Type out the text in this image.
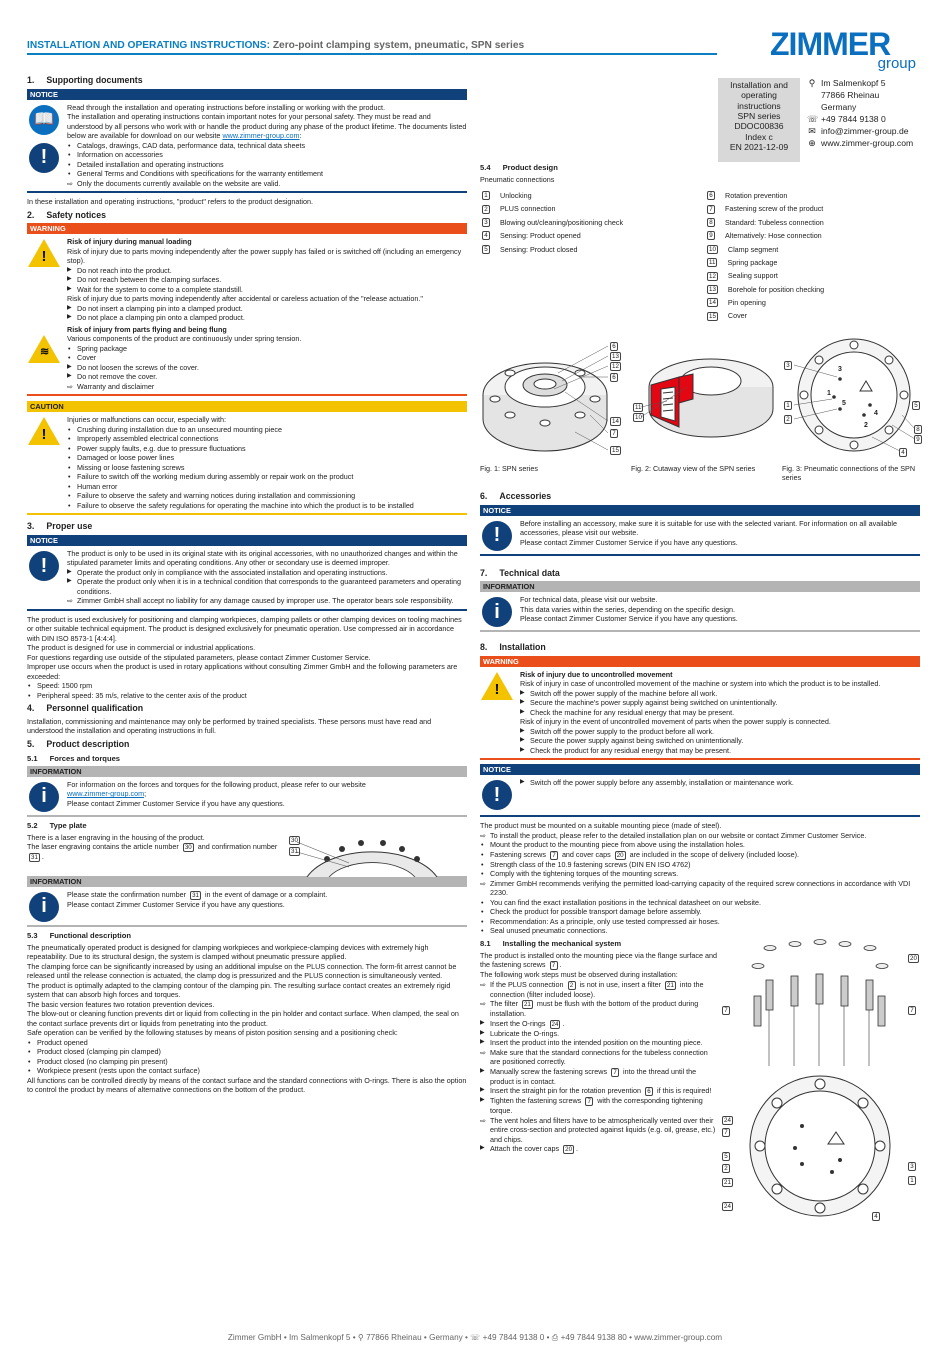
INSTALLATION AND OPERATING INSTRUCTIONS: Zero-point clamping system, pneumatic, SPN series	ZIMMER
group
Installation and
operating
instructions
SPN series
DDOC00836
Index c
EN 2021-12-09
⚲ Im Salmenkopf 5
77866 Rheinau
Germany
☏ +49 7844 9138 0
✉ info@zimmer-group.de
⊕ www.zimmer-group.com
1. Supporting documents
NOTICE
📖
!

Read through the installation and operating instructions before installing or working with the product.

The installation and operating instructions contain important notes for your personal safety. They must be read and understood by all persons who work with or handle the product during any phase of the product lifetime. The documents listed below are available for download on our website www.zimmer-group.com:

• Catalogs, drawings, CAD data, performance data, technical data sheets
• Information on accessories
• Detailed installation and operating instructions
• General Terms and Conditions with specifications for the warranty entitlement
⇨ Only the documents currently available on the website are valid.

In these installation and operating instructions, "product" refers to the product designation.

2. Safety notices
WARNING
!
≋

Risk of injury during manual loading

Risk of injury due to parts moving independently after the power supply has failed or is switched off (including an emergency stop).

▶ Do not reach into the product.
▶ Do not reach between the clamping surfaces.
▶ Wait for the system to come to a complete standstill.

Risk of injury due to parts moving independently after accidental or careless actuation of the "release actuation."

▶ Do not insert a clamping pin into a clamped product.
▶ Do not place a clamping pin onto a clamped product.

Risk of injury from parts flying and being flung

Various components of the product are continuously under spring tension.

• Spring package
• Cover
▶ Do not loosen the screws of the cover.
▶ Do not remove the cover.
⇨ Warranty and disclaimer
CAUTION
!

Injuries or malfunctions can occur, especially with:

• Crushing during installation due to an unsecured mounting piece
• Improperly assembled electrical connections
• Power supply faults, e.g. due to pressure fluctuations
• Damaged or loose power lines
• Missing or loose fastening screws
• Failure to switch off the working medium during assembly or repair work on the product
• Human error
• Failure to observe the safety and warning notices during installation and commissioning
• Failure to observe the safety regulations for operating the machine into which the product is to be installed
3. Proper use
NOTICE
!

The product is only to be used in its original state with its original accessories, with no unauthorized changes and within the stipulated parameter limits and operating conditions. Any other or secondary use is deemed improper.

▶ Operate the product only in compliance with the associated installation and operating instructions.
▶ Operate the product only when it is in a technical condition that corresponds to the guaranteed parameters and operating conditions.
⇨ Zimmer GmbH shall accept no liability for any damage caused by improper use. The operator bears sole responsibility.

The product is used exclusively for positioning and clamping workpieces, clamping pallets or other clamping devices on tooling machines or other suitable technical equipment. The product is designed exclusively for pneumatic operation. Use compressed air in accordance with DIN ISO 8573-1 [4:4:4].

The product is designed for use in commercial or industrial applications.

For questions regarding use outside of the stipulated parameters, please contact Zimmer Customer Service.

Improper use occurs when the product is used in rotary applications without consulting Zimmer GmbH and the following parameters are exceeded:

• Speed: 1500 rpm
• Peripheral speed: 35 m/s, relative to the center axis of the product
4. Personnel qualification

Installation, commissioning and maintenance may only be performed by trained specialists. These persons must have read and understood the installation and operating instructions in full.

5. Product description
5.1 Forces and torques
INFORMATION
i

For information on the forces and torques for the following product, please refer to our website

www.zimmer-group.com;

Please contact Zimmer Customer Service if you have any questions.

5.2 Type plate

There is a laser engraving in the housing of the product.

The laser engraving contains the article number 30 and confirmation number 31 .

30
31
INFORMATION
i

Please state the confirmation number 31 in the event of damage or a complaint.

Please contact Zimmer Customer Service if you have any questions.

5.3 Functional description

The pneumatically operated product is designed for clamping workpieces and workpiece-clamping devices with extremely high repeatability. Due to its structural design, the system is clamped without pneumatic pressure applied.

The clamping force can be significantly increased by using an additional impulse on the PLUS connection. The form-fit arrest cannot be released until the release connection is actuated, the clamp dog is pressurized and the PLUS connection is simultaneously vented.

The product is optimally adapted to the clamping contour of the clamping pin. The resulting surface contact creates an extremely rigid system that can absorb high forces and torques.

The basic version features two rotation prevention devices.

The blow-out or cleaning function prevents dirt or liquid from collecting in the pin holder and contact surface. When clamped, the seal on the contact surface prevents dirt or liquids from penetrating into the product.

Safe operation can be verified by the following statuses by means of piston position sensing and a positioning check:

• Product opened
• Product closed (clamping pin clamped)
• Product closed (no clamping pin present)
• Workpiece present (rests upon the contact surface)

All functions can be controlled directly by means of the contact surface and the standard connections with O-rings. There is also the option to control the product by means of alternative connections on the bottom of the product.

5.4 Product design
Pneumatic connections
1	Unlocking
2	PLUS connection
3	Blowing out/cleaning/positioning check
4	Sensing: Product opened
5	Sensing: Product closed
6	Rotation prevention
7	Fastening screw of the product
8	Standard: Tubeless connection
9	Alternatively: Hose connection
10 Clamp segment
11 Spring package
12 Sealing support
13 Borehole for position checking
14 Pin opening
15 Cover
6
13
12
6
14
7
15
Fig. 1: SPN series
11
10
Fig. 2: Cutaway view of the SPN series
3
1
2
5
8
9
4
3
1
5
2
4
Fig. 3: Pneumatic connections of the SPN series
6. Accessories
NOTICE
!

Before installing an accessory, make sure it is suitable for use with the selected variant. For information on all available accessories, please visit our website.

Please contact Zimmer Customer Service if you have any questions.

7. Technical data
INFORMATION
i

For technical data, please visit our website.

This data varies within the series, depending on the specific design.

Please contact Zimmer Customer Service if you have any questions.

8. Installation
WARNING
!

Risk of injury due to uncontrolled movement

Risk of injury in case of uncontrolled movement of the machine or system into which the product is to be installed.

▶ Switch off the power supply of the machine before all work.
▶ Secure the machine's power supply against being switched on unintentionally.
▶ Check the machine for any residual energy that may be present.

Risk of injury in the event of uncontrolled movement of parts when the power supply is connected.

▶ Switch off the power supply to the product before all work.
▶ Secure the power supply against being switched on unintentionally.
▶ Check the product for any residual energy that may be present.
NOTICE
!
▶ Switch off the power supply before any assembly, installation or maintenance work.

The product must be mounted on a suitable mounting piece (made of steel).

⇨ To install the product, please refer to the detailed installation plan on our website or contact Zimmer Customer Service.
• Mount the product to the mounting piece from above using the installation holes.
• Fastening screws 7 and cover caps 20 are included in the scope of delivery (included loose).
• Strength class of the 10.9 fastening screws (DIN EN ISO 4762)
• Comply with the tightening torques of the mounting screws.
⇨ Zimmer GmbH recommends verifying the permitted load-carrying capacity of the required screw connections in accordance with VDI 2230.
• You can find the exact installation positions in the technical datasheet on our website.
• Check the product for possible transport damage before assembly.
• Recommendation: As a principle, only use tested compressed air hoses.
• Seal unused pneumatic connections.
8.1 Installing the mechanical system

The product is installed onto the mounting piece via the flange surface and the fastening screws 7 .

The following work steps must be observed during installation:

⇨ If the PLUS connection 2 is not in use, insert a filter 21 into the connection (filter included loose).
⇨ The filter 21 must be flush with the bottom of the product during installation.
▶ Insert the O-rings 24 .
▶ Lubricate the O-rings.
▶ Insert the product into the intended position on the mounting piece.
⇨ Make sure that the standard connections for the tubeless connection are positioned correctly.
▶ Manually screw the fastening screws 7 into the thread until the product is in contact.
▶ Insert the straight pin for the rotation prevention 6 if this is required!
▶ Tighten the fastening screws 7 with the corresponding tightening torque.
⇨ The vent holes and filters have to be atmospherically vented over their entire cross-section and protected against liquids (e.g. oil, grease, etc.) and chips.
▶ Attach the cover caps 20 .
20
7	7
24
7
5
2
21
24
3
1
4
Zimmer GmbH • Im Salmenkopf 5 • ⚲ 77866 Rheinau • Germany • ☏ +49 7844 9138 0 • ⎙ +49 7844 9138 80 • www.zimmer-group.com
